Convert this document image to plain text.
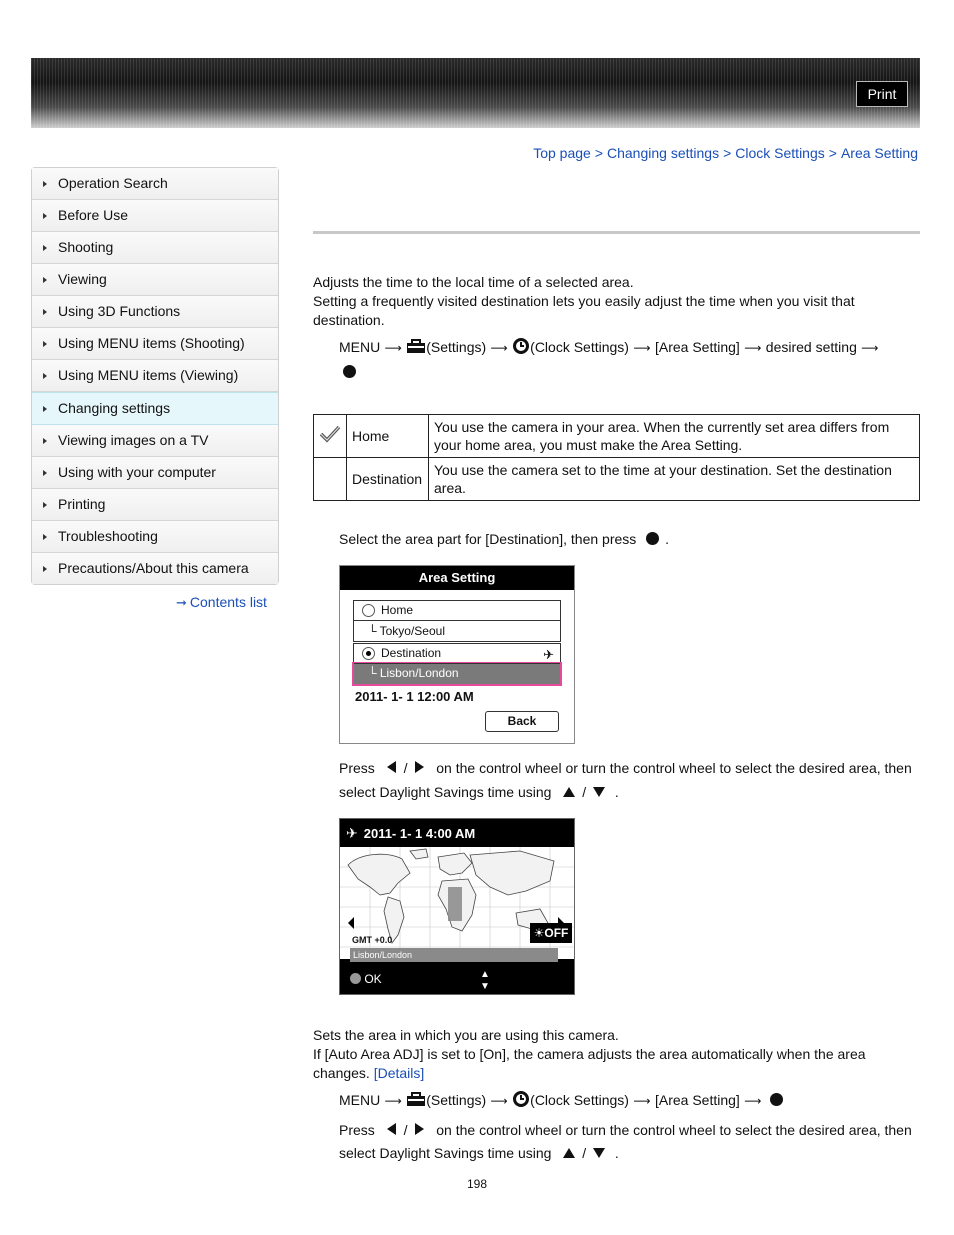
Print
Top page > Changing settings > Clock Settings > Area Setting
Operation Search
Before Use
Shooting
Viewing
Using 3D Functions
Using MENU items (Shooting)
Using MENU items (Viewing)
Changing settings
Viewing images on a TV
Using with your computer
Printing
Troubleshooting
Precautions/About this camera
➞ Contents list
Adjusts the time to the local time of a selected area.
Setting a frequently visited destination lets you easily adjust the time when you visit that destination.
MENU ⟶ (Settings) ⟶ (Clock Settings) ⟶ [Area Setting] ⟶ desired setting ⟶
	Home	You use the camera in your area. When the currently set area differs from your home area, you must make the Area Setting.
	Destination	You use the camera set to the time at your destination. Set the destination area.
Select the area part for [Destination], then press .
Area Setting
Home
└ Tokyo/Seoul
Destination	✈
└ Lisbon/London
2011- 1- 1 12:00 AM
Back
Press / on the control wheel or turn the control wheel to select the desired area, then
select Daylight Savings time using / .
✈ 2011- 1- 1 4:00 AM
☀OFF
GMT +0.0
Lisbon/London
OK	▲
▼
Sets the area in which you are using this camera.
If [Auto Area ADJ] is set to [On], the camera adjusts the area automatically when the area changes. [Details]
MENU ⟶ (Settings) ⟶ (Clock Settings) ⟶ [Area Setting] ⟶
Press / on the control wheel or turn the control wheel to select the desired area, then
select Daylight Savings time using / .
198
